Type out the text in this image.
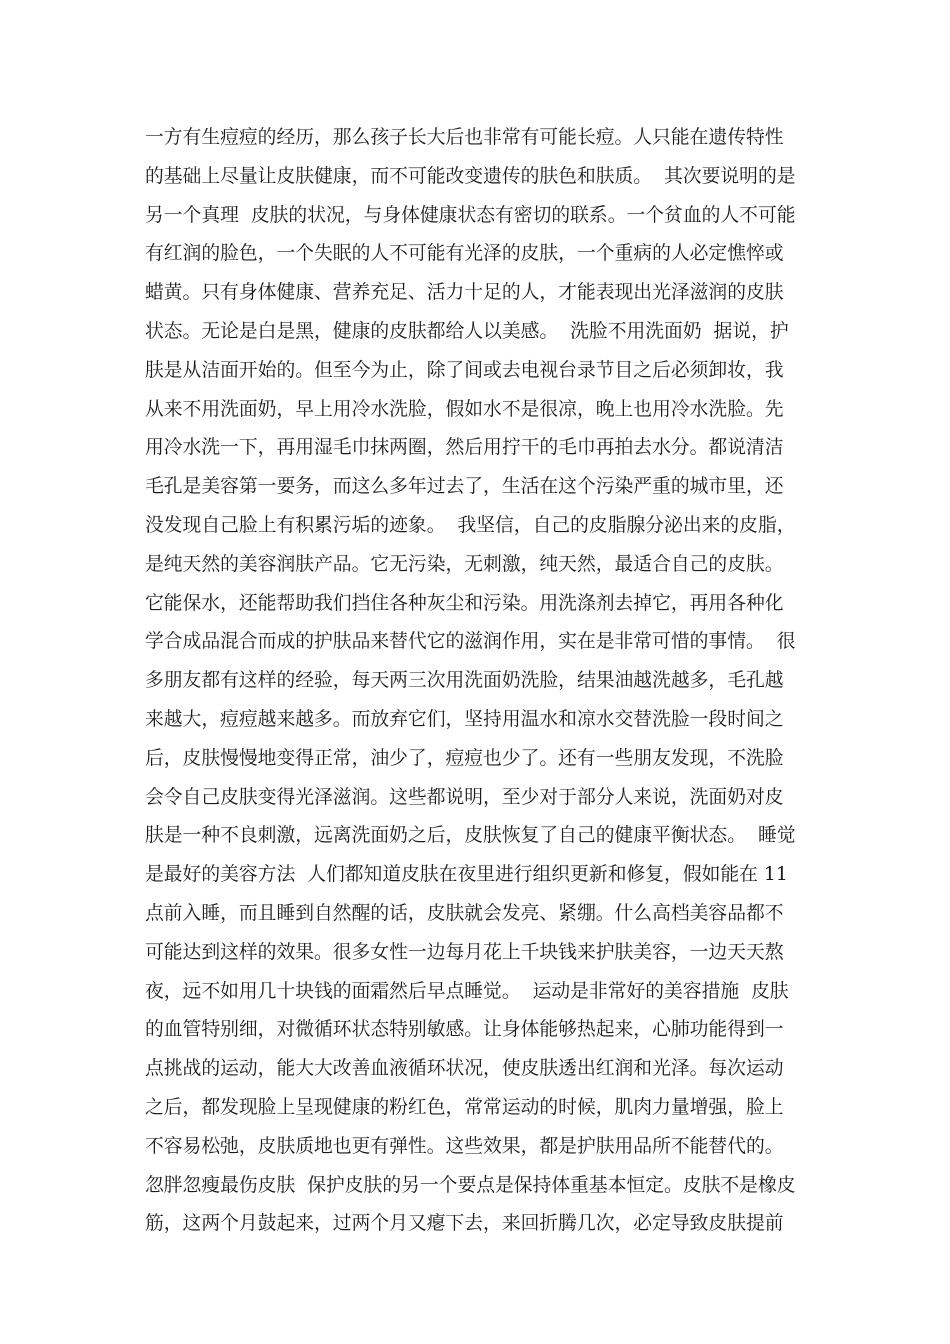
一方有生痘痘的经历，那么孩子长大后也非常有可能长痘。人只能在遗传特性
的基础上尽量让皮肤健康，而不可能改变遗传的肤色和肤质。  其次要说明的是
另一个真理  皮肤的状况，与身体健康状态有密切的联系。一个贫血的人不可能
有红润的脸色，一个失眠的人不可能有光泽的皮肤，一个重病的人必定憔悴或
蜡黄。只有身体健康、营养充足、活力十足的人，才能表现出光泽滋润的皮肤
状态。无论是白是黑，健康的皮肤都给人以美感。  洗脸不用洗面奶  据说，护
肤是从洁面开始的。但至今为止，除了间或去电视台录节目之后必须卸妆，我
从来不用洗面奶，早上用冷水洗脸，假如水不是很凉，晚上也用冷水洗脸。先
用冷水洗一下，再用湿毛巾抹两圈，然后用拧干的毛巾再拍去水分。都说清洁
毛孔是美容第一要务，而这么多年过去了，生活在这个污染严重的城市里，还
没发现自己脸上有积累污垢的迹象。  我坚信，自己的皮脂腺分泌出来的皮脂，
是纯天然的美容润肤产品。它无污染，无刺激，纯天然，最适合自己的皮肤。
它能保水，还能帮助我们挡住各种灰尘和污染。用洗涤剂去掉它，再用各种化
学合成品混合而成的护肤品来替代它的滋润作用，实在是非常可惜的事情。  很
多朋友都有这样的经验，每天两三次用洗面奶洗脸，结果油越洗越多，毛孔越
来越大，痘痘越来越多。而放弃它们，坚持用温水和凉水交替洗脸一段时间之
后，皮肤慢慢地变得正常，油少了，痘痘也少了。还有一些朋友发现，不洗脸
会令自己皮肤变得光泽滋润。这些都说明，至少对于部分人来说，洗面奶对皮
肤是一种不良刺激，远离洗面奶之后，皮肤恢复了自己的健康平衡状态。  睡觉
是最好的美容方法  人们都知道皮肤在夜里进行组织更新和修复，假如能在 11
点前入睡，而且睡到自然醒的话，皮肤就会发亮、紧绷。什么高档美容品都不
可能达到这样的效果。很多女性一边每月花上千块钱来护肤美容，一边天天熬
夜，远不如用几十块钱的面霜然后早点睡觉。  运动是非常好的美容措施  皮肤
的血管特别细，对微循环状态特别敏感。让身体能够热起来，心肺功能得到一
点挑战的运动，能大大改善血液循环状况，使皮肤透出红润和光泽。每次运动
之后，都发现脸上呈现健康的粉红色，常常运动的时候，肌肉力量增强，脸上
不容易松弛，皮肤质地也更有弹性。这些效果，都是护肤用品所不能替代的。
忽胖忽瘦最伤皮肤  保护皮肤的另一个要点是保持体重基本恒定。皮肤不是橡皮
筋，这两个月鼓起来，过两个月又瘪下去，来回折腾几次，必定导致皮肤提前
